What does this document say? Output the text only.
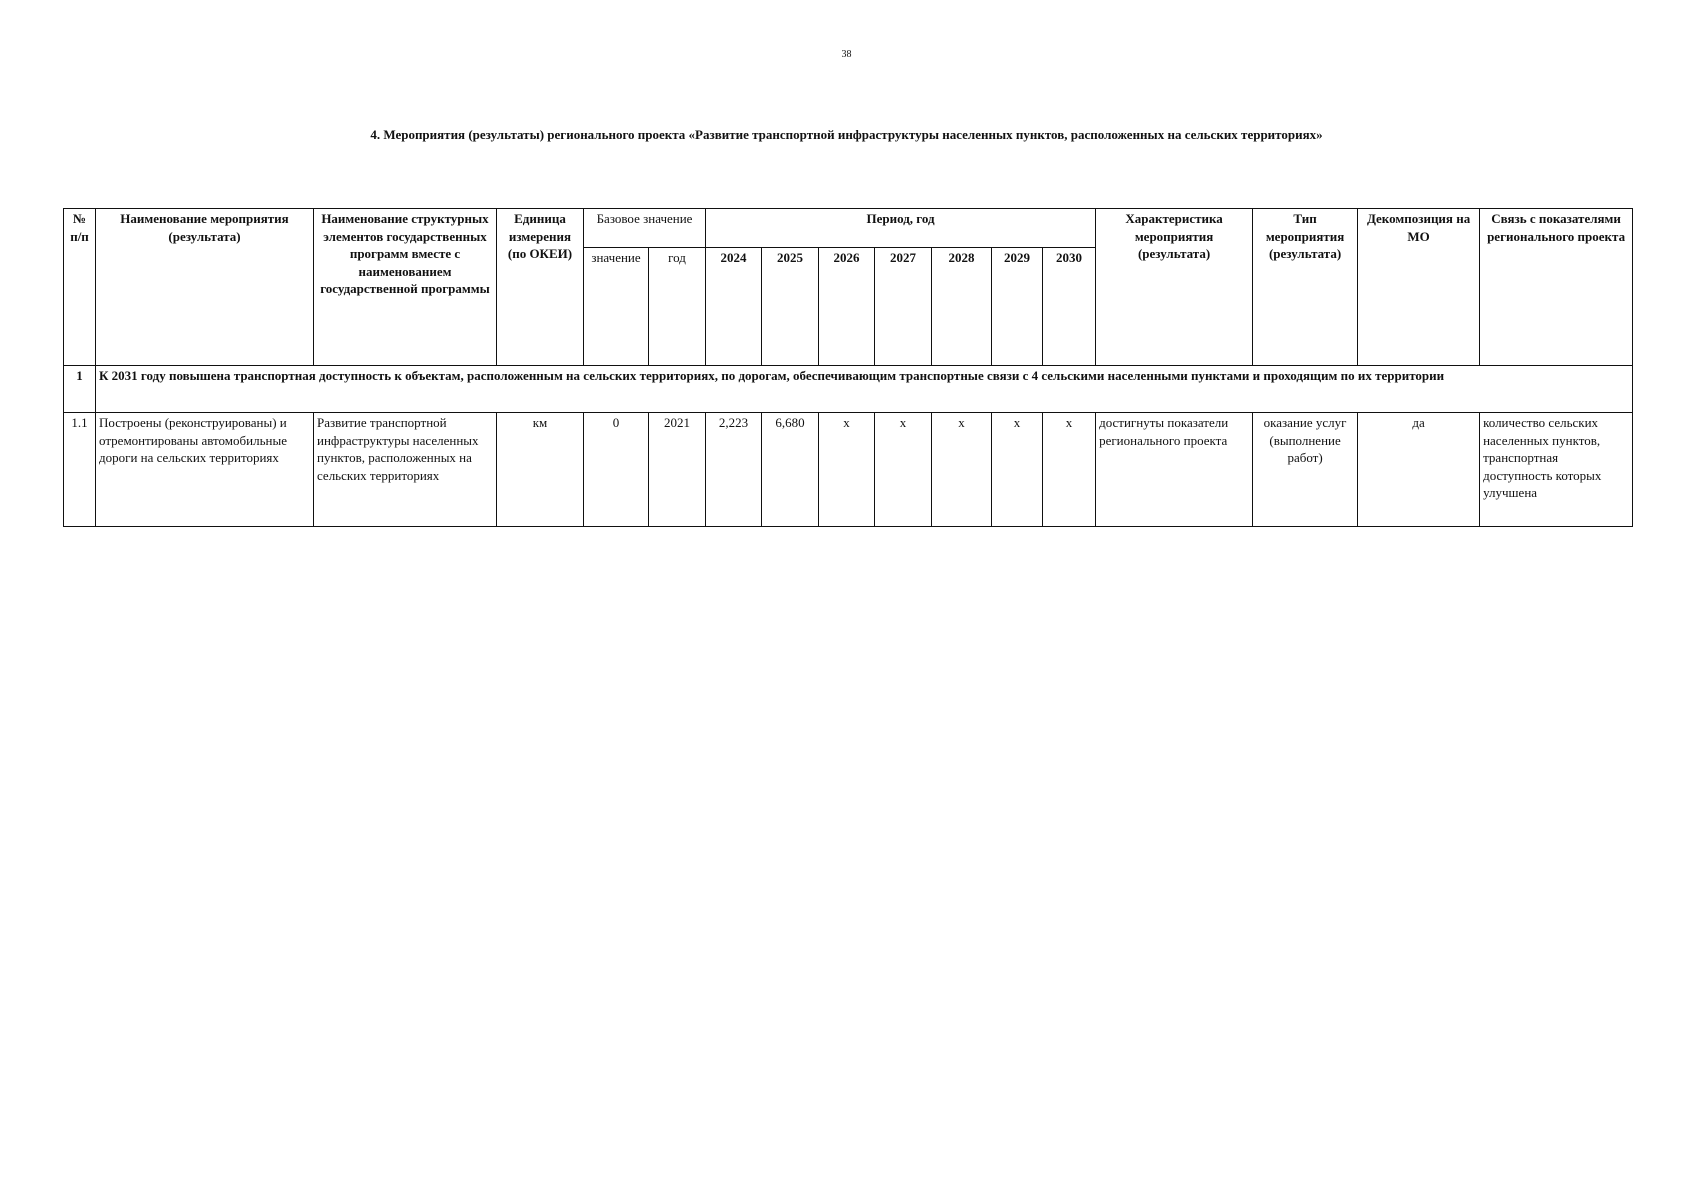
38
4. Мероприятия (результаты) регионального проекта «Развитие транспортной инфраструктуры населенных пунктов, расположенных на сельских территориях»
№ п/п	Наименование мероприятия (результата)	Наименование структурных элементов государственных программ вместе с наименованием государственной программы	Единица измерения (по ОКЕИ)	Базовое значение		Период, год							Характеристика мероприятия (результата)	Тип мероприятия (результата)	Декомпозиция на МО	Связь с показателями регионального проекта
				значение	год	2024	2025	2026	2027	2028	2029	2030				
1	К 2031 году повышена транспортная доступность к объектам, расположенным на сельских территориях, по дорогам, обеспечивающим транспортные связи с 4 сельскими населенными пунктами и проходящим по их территории															
1.1	Построены (реконструированы) и отремонтированы автомобильные дороги на сельских территориях	Развитие транспортной инфраструктуры населенных пунктов, расположенных на сельских территориях	км	0	2021	2,223	6,680	x	x	x	x	x	достигнуты показатели регионального проекта	оказание услуг (выполнение работ)	да	количество сельских населенных пунктов, транспортная доступность которых улучшена
